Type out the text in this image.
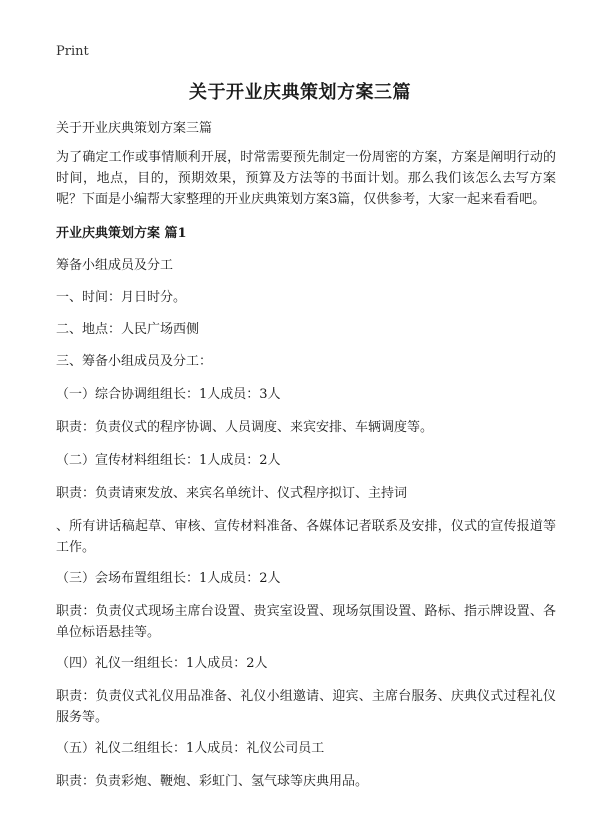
Print
关于开业庆典策划方案三篇

关于开业庆典策划方案三篇

为了确定工作或事情顺利开展，时常需要预先制定一份周密的方案，方案是阐明行动的时间，地点，目的，预期效果，预算及方法等的书面计划。那么我们该怎么去写方案呢？下面是小编帮大家整理的开业庆典策划方案3篇，仅供参考，大家一起来看看吧。

开业庆典策划方案 篇1

筹备小组成员及分工

一、时间：月日时分。

二、地点：人民广场西侧

三、筹备小组成员及分工：

（一）综合协调组组长：1人成员：3人

职责：负责仪式的程序协调、人员调度、来宾安排、车辆调度等。

（二）宣传材料组组长：1人成员：2人

职责：负责请柬发放、来宾名单统计、仪式程序拟订、主持词

、所有讲话稿起草、审核、宣传材料准备、各媒体记者联系及安排，仪式的宣传报道等工作。

（三）会场布置组组长：1人成员：2人

职责：负责仪式现场主席台设置、贵宾室设置、现场氛围设置、路标、指示牌设置、各单位标语悬挂等。

（四）礼仪一组组长：1人成员：2人

职责：负责仪式礼仪用品准备、礼仪小组邀请、迎宾、主席台服务、庆典仪式过程礼仪服务等。

（五）礼仪二组组长：1人成员：礼仪公司员工

职责：负责彩炮、鞭炮、彩虹门、氢气球等庆典用品。
